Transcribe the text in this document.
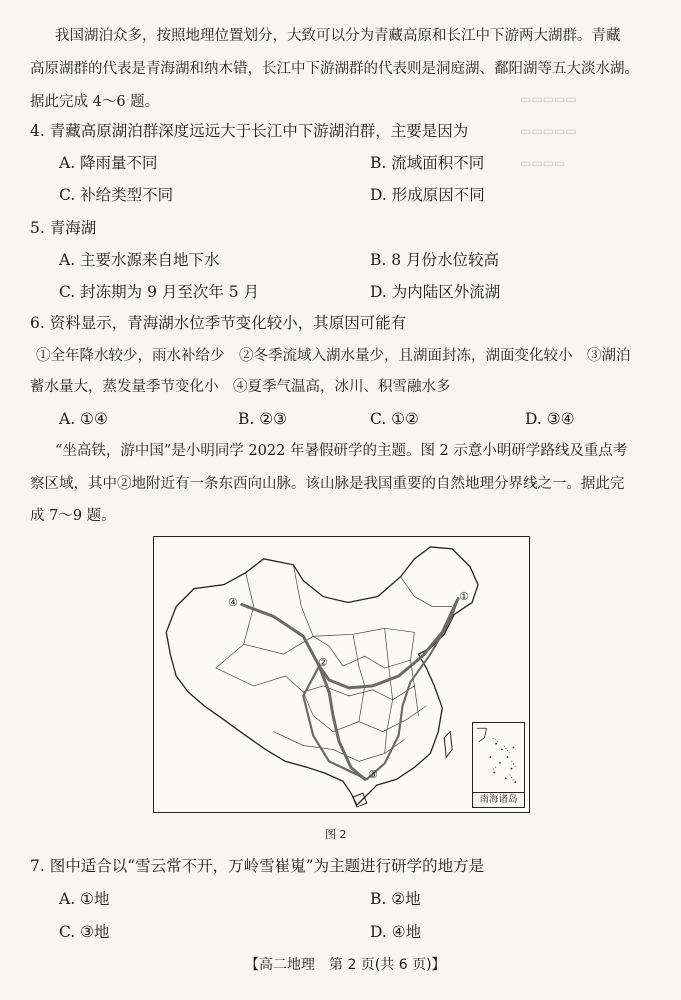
我国湖泊众多，按照地理位置划分，大致可以分为青藏高原和长江中下游两大湖群。青藏
高原湖群的代表是青海湖和纳木错，长江中下游湖群的代表则是洞庭湖、鄱阳湖等五大淡水湖。
据此完成 4～6 题。
4. 青藏高原湖泊群深度远远大于长江中下游湖泊群，主要是因为
A. 降雨量不同	B. 流域面积不同
C. 补给类型不同	D. 形成原因不同
5. 青海湖
A. 主要水源来自地下水	B. 8 月份水位较高
C. 封冻期为 9 月至次年 5 月	D. 为内陆区外流湖
6. 资料显示，青海湖水位季节变化较小，其原因可能有
①全年降水较少，雨水补给少　②冬季流域入湖水量少，且湖面封冻，湖面变化较小　③湖泊
蓄水量大，蒸发量季节变化小　④夏季气温高，冰川、积雪融水多
A. ①④	B. ②③	C. ①②	D. ③④
“坐高铁，游中国”是小明同学 2022 年暑假研学的主题。图 2 示意小明研学路线及重点考
察区域，其中②地附近有一条东西向山脉。该山脉是我国重要的自然地理分界线之一。据此完
成 7～9 题。
④	①
②
③
南海诸岛
图 2
7. 图中适合以“雪云常不开，万岭雪崔嵬”为主题进行研学的地方是
A. ①地	B. ②地
C. ③地	D. ④地
【高二地理　第 2 页(共 6 页)】
▭▭▭▭▭
▭▭▭▭▭
▭▭▭▭
